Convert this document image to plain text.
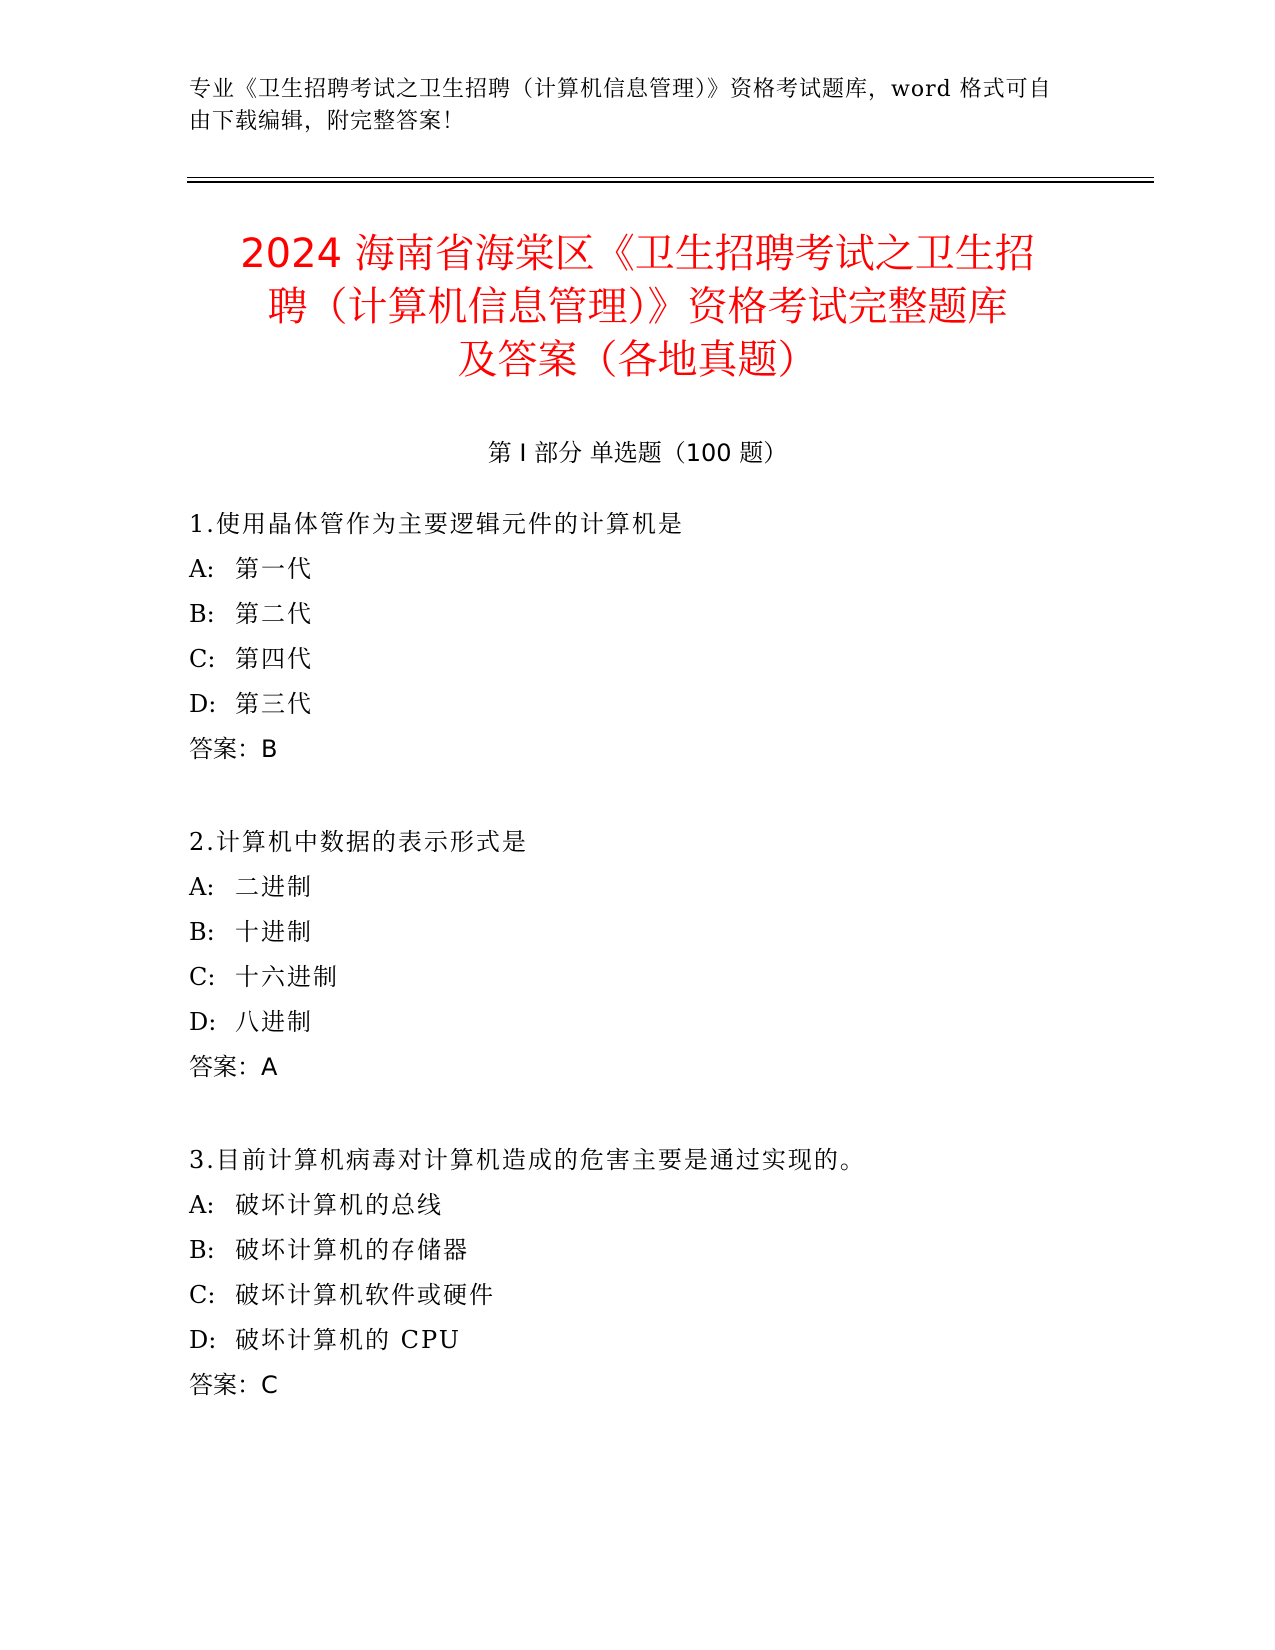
专业《卫生招聘考试之卫生招聘（计算机信息管理）》资格考试题库，word 格式可自由下载编辑，附完整答案！
2024 海南省海棠区《卫生招聘考试之卫生招
聘（计算机信息管理）》资格考试完整题库
及答案（各地真题）
第 I 部分 单选题（100 题）
1.使用晶体管作为主要逻辑元件的计算机是
A: 第一代
B: 第二代
C: 第四代
D: 第三代
答案：B
2.计算机中数据的表示形式是
A: 二进制
B: 十进制
C: 十六进制
D: 八进制
答案：A
3.目前计算机病毒对计算机造成的危害主要是通过实现的。
A: 破坏计算机的总线
B: 破坏计算机的存储器
C: 破坏计算机软件或硬件
D: 破坏计算机的 CPU
答案：C
